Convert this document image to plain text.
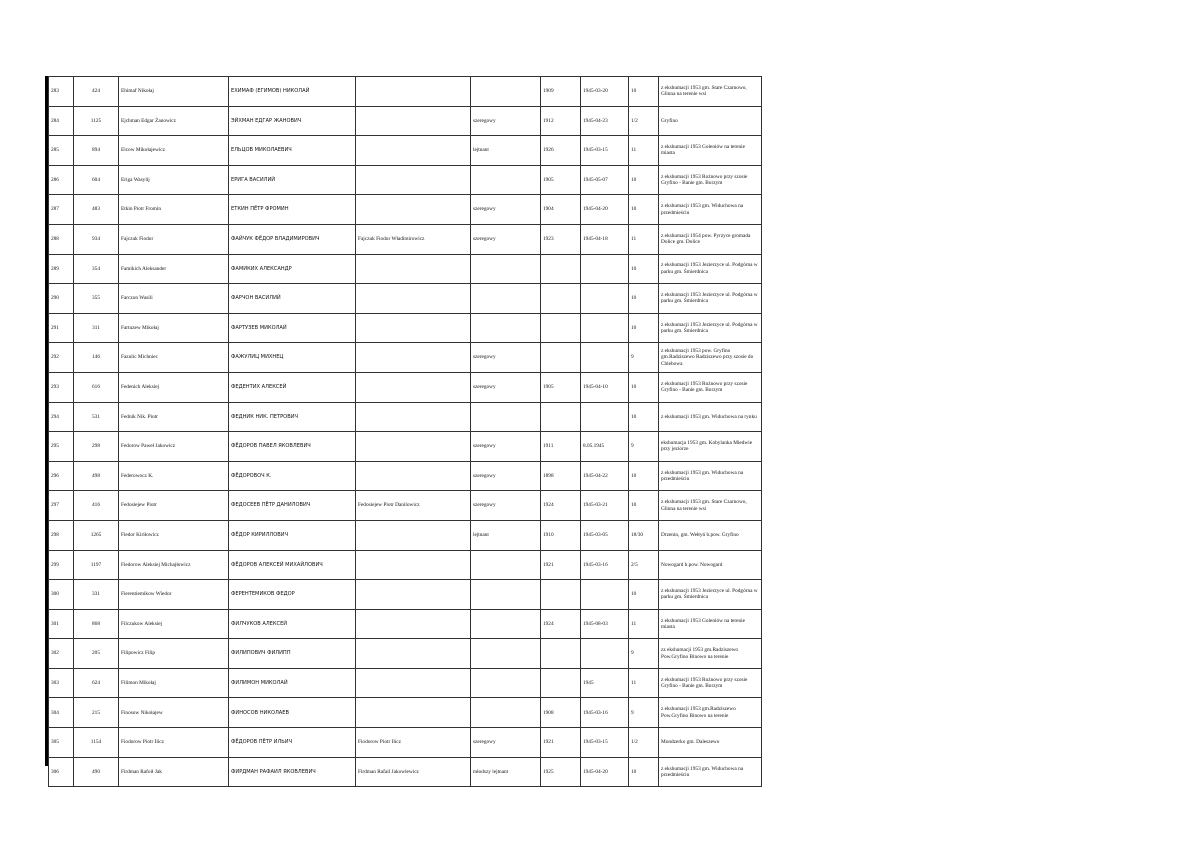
283	424	Ehimaf Nikołaj	ЕХИМАФ (ЕГИМОВ) НИКОЛАЙ			1909	1945-03-20	10	z ekshumacji 1953 gm. Stare Czarnowo, Glinna na terenie wsi
284	1125	Ejchman Edgar Żanowicz	ЭЙХМАН ЕДГАР ЖАНОВИЧ		szeregowy	1912	1945-04-23	1/2	Gryfino
285	894	Elcow Mikołajewicz	ЕЛЬЦОВ МИКОЛАЕВИЧ		lejtnant	1926	1945-03-15	11	z ekshumacji 1953 Goleniów na terenie miasta
286	604	Eriga Wasylij	ЕРИГА ВАСИЛИЙ			1905	1945-05-07	10	z ekshumacji 1953 Rożnowo przy szosie Gryfino - Banie gm. Borzym
287	483	Etkin Piotr Fromin	ЕТКИН ПЁТР ФРОМИН		szeregowy	1904	1945-04-20	10	z ekshumacji 1953 gm. Widuchowa na przedmieściu
288	934	Fajczuk Fiodor	ФАЙЧУК ФЁДОР ВЛАДИМИРОВИЧ	Fajczuk Fiodor Władimirowicz	szeregowy	1923	1945-04-18	11	z ekshumacji 1954 pow. Pyrzyce gromada Dolice gm. Dolice
289	354	Famikich Aleksander	ФАМИКИХ АЛЕКСАНДР					10	z ekshumacji 1953 Jezierzyce ul. Podgórna w parku gm. Śmierdnica
290	355	Farczon Wasili	ФАРЧОН ВАСИЛИЙ					10	z ekshumacji 1953 Jezierzyce ul. Podgórna w parku gm. Śmierdnica
291	311	Fartuzew Mikołaj	ФАРТУЗЕВ МИКОЛАЙ					10	z ekshumacji 1953 Jezierzyce ul. Podgórna w parku gm. Śmierdnica
292	146	Fazulic Michniec	ФАЖУЛИЦ МИХНЕЦ		szeregowy			9	z ekshumacji 1953 pow. Gryfino gm.Radziszewo Radziszewo przy szosie do Chlebowa
293	616	Fedenich Aleksiej	ФЕДЕНТИХ АЛЕКСЕЙ		szeregowy	1905	1945-04-10	10	z ekshumacji 1953 Rożnowo przy szosie Gryfino - Banie gm. Borzym
294	531	Fednik Nik. Piotr	ФЕДНИК НИК. ПЕТРОВИЧ					10	z ekshumacji 1953 gm. Widuchowa na rynku
295	298	Fedorow Paweł Jakowicz	ФЁДОРОВ ПАВЕЛ ЯКОВЛЕВИЧ		szeregowy	1911	8.05.1945	9	ekshumacja 1953 gm. Kobylanka Miedwie przy jeziorze
296	498	Federowocz K.	ФЁДОРОВОЧ К.		szeregowy	1898	1945-04-22	10	z ekshumacji 1953 gm. Widuchowa na przedmieściu
297	416	Fedosiejew Piotr	ФЕДОСЕЕВ ПЁТР ДАНИЛОВИЧ	Fedosiejew Piotr Danilowicz	szeregowy	1924	1945-03-21	10	z ekshumacji 1953 gm. Stare Czarnowo, Glinna na terenie wsi
298	1265	Fiedor Kiriłowicz	ФЁДОР КИРИЛЛОВИЧ		lejtnant	1910	1945-03-05	18/30	Drzenin, gm. Wełtyń b.pow. Gryfino
299	1197	Fiedorow Aleksiej Michajłowicz	ФЁДОРОВ АЛЕКСЕЙ МИХАЙЛОВИЧ			1921	1945-03-16	2/5	Nowogard b.pow. Nowogard
300	331	Fierentiemikow Wiedor	ФЕРЕНТЕМИКОВ ФЕДОР					10	z ekshumacji 1953 Jezierzyce ul. Podgórna w parku gm. Śmierdnica
301	868	Filczukow Aleksiej	ФИЛЧУКОВ АЛЕКСЕЙ			1924	1945-08-03	11	z ekshumacji 1953 Goleniów na terenie miasta
302	205	Filipowicz Filip	ФИЛИПОВИЧ ФИЛИПП					9	zz ekshumacji 1953 gm.Radziszewo Pow.Gryfino Binowo na terenie
303	624	Filimon Mikołaj	ФИЛИМОН МИКОЛАЙ				1945	11	z ekshumacji 1953 Rożnowo przy szosie Gryfino - Banie gm. Borzym
304	215	Finosow Nikołajew	ФИНОСОВ НИКОЛАЕВ			1908	1945-03-16	9	z ekshumacji 1953 gm.Radziszewo Pow.Gryfino Binowo na terenie
305	1154	Fiodorow Piotr Ilicz	ФЁДОРОВ ПЁТР ИЛЬИЧ	Fiodorow Piotr Ilicz	szeregowy	1921	1945-03-15	1/2	Mondzerko gm. Daleszewo
306	490	Firdman Rafoił Jak	ФИРДМАН РАФАИЛ ЯКОВЛЕВИЧ	Firdman Rafail Jakowlewicz	młodszy lejtnant	1925	1945-04-20	10	z ekshumacji 1953 gm. Widuchowa na przedmieściu
